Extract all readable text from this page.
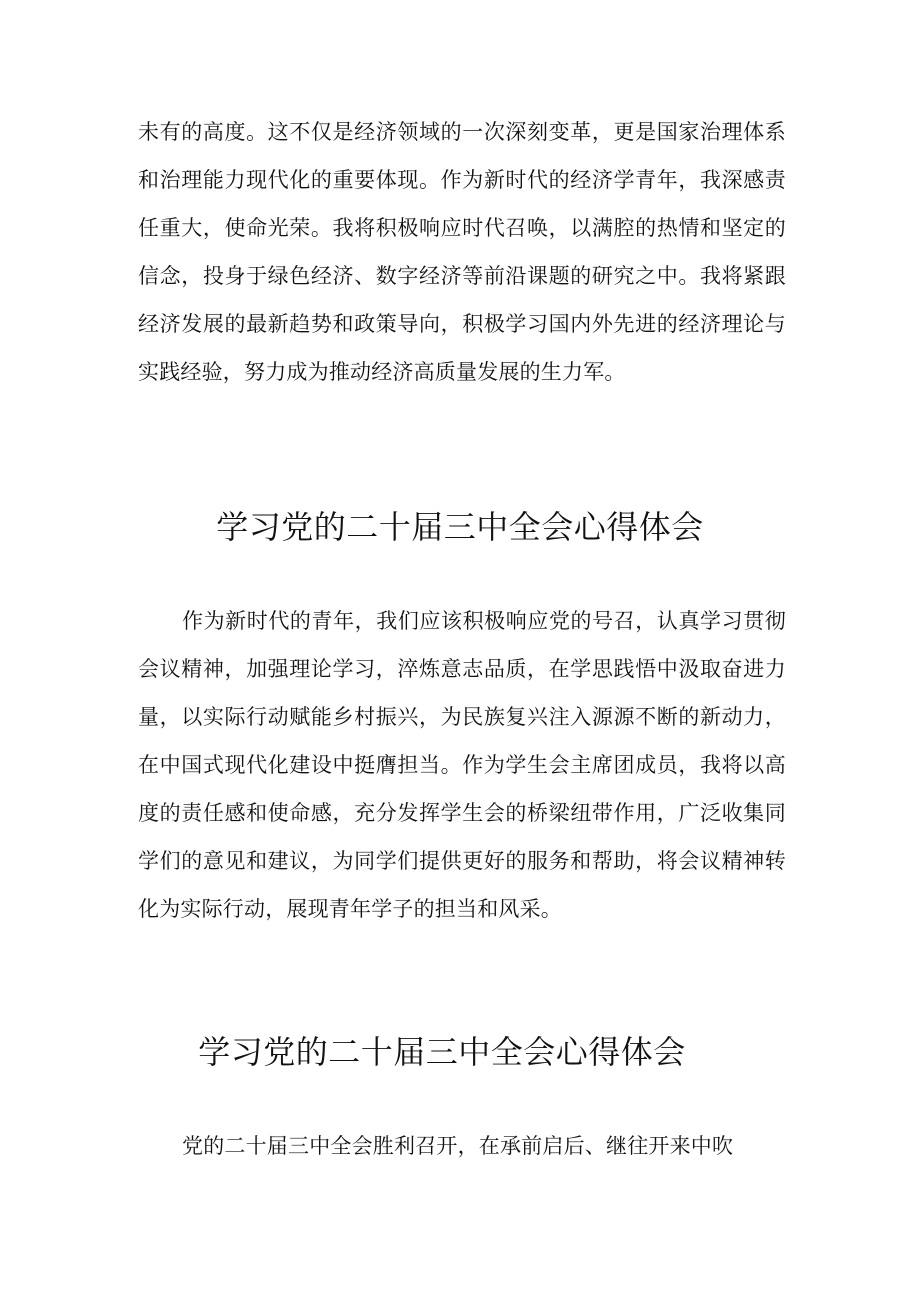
未有的高度。这不仅是经济领域的一次深刻变革，更是国家治理体系和治理能力现代化的重要体现。作为新时代的经济学青年，我深感责任重大，使命光荣。我将积极响应时代召唤，以满腔的热情和坚定的信念，投身于绿色经济、数字经济等前沿课题的研究之中。我将紧跟经济发展的最新趋势和政策导向，积极学习国内外先进的经济理论与实践经验，努力成为推动经济高质量发展的生力军。

学习党的二十届三中全会心得体会

作为新时代的青年，我们应该积极响应党的号召，认真学习贯彻会议精神，加强理论学习，淬炼意志品质，在学思践悟中汲取奋进力量，以实际行动赋能乡村振兴，为民族复兴注入源源不断的新动力，在中国式现代化建设中挺膺担当。作为学生会主席团成员，我将以高度的责任感和使命感，充分发挥学生会的桥梁纽带作用，广泛收集同学们的意见和建议，为同学们提供更好的服务和帮助，将会议精神转化为实际行动，展现青年学子的担当和风采。

学习党的二十届三中全会心得体会

党的二十届三中全会胜利召开，在承前启后、继往开来中吹
